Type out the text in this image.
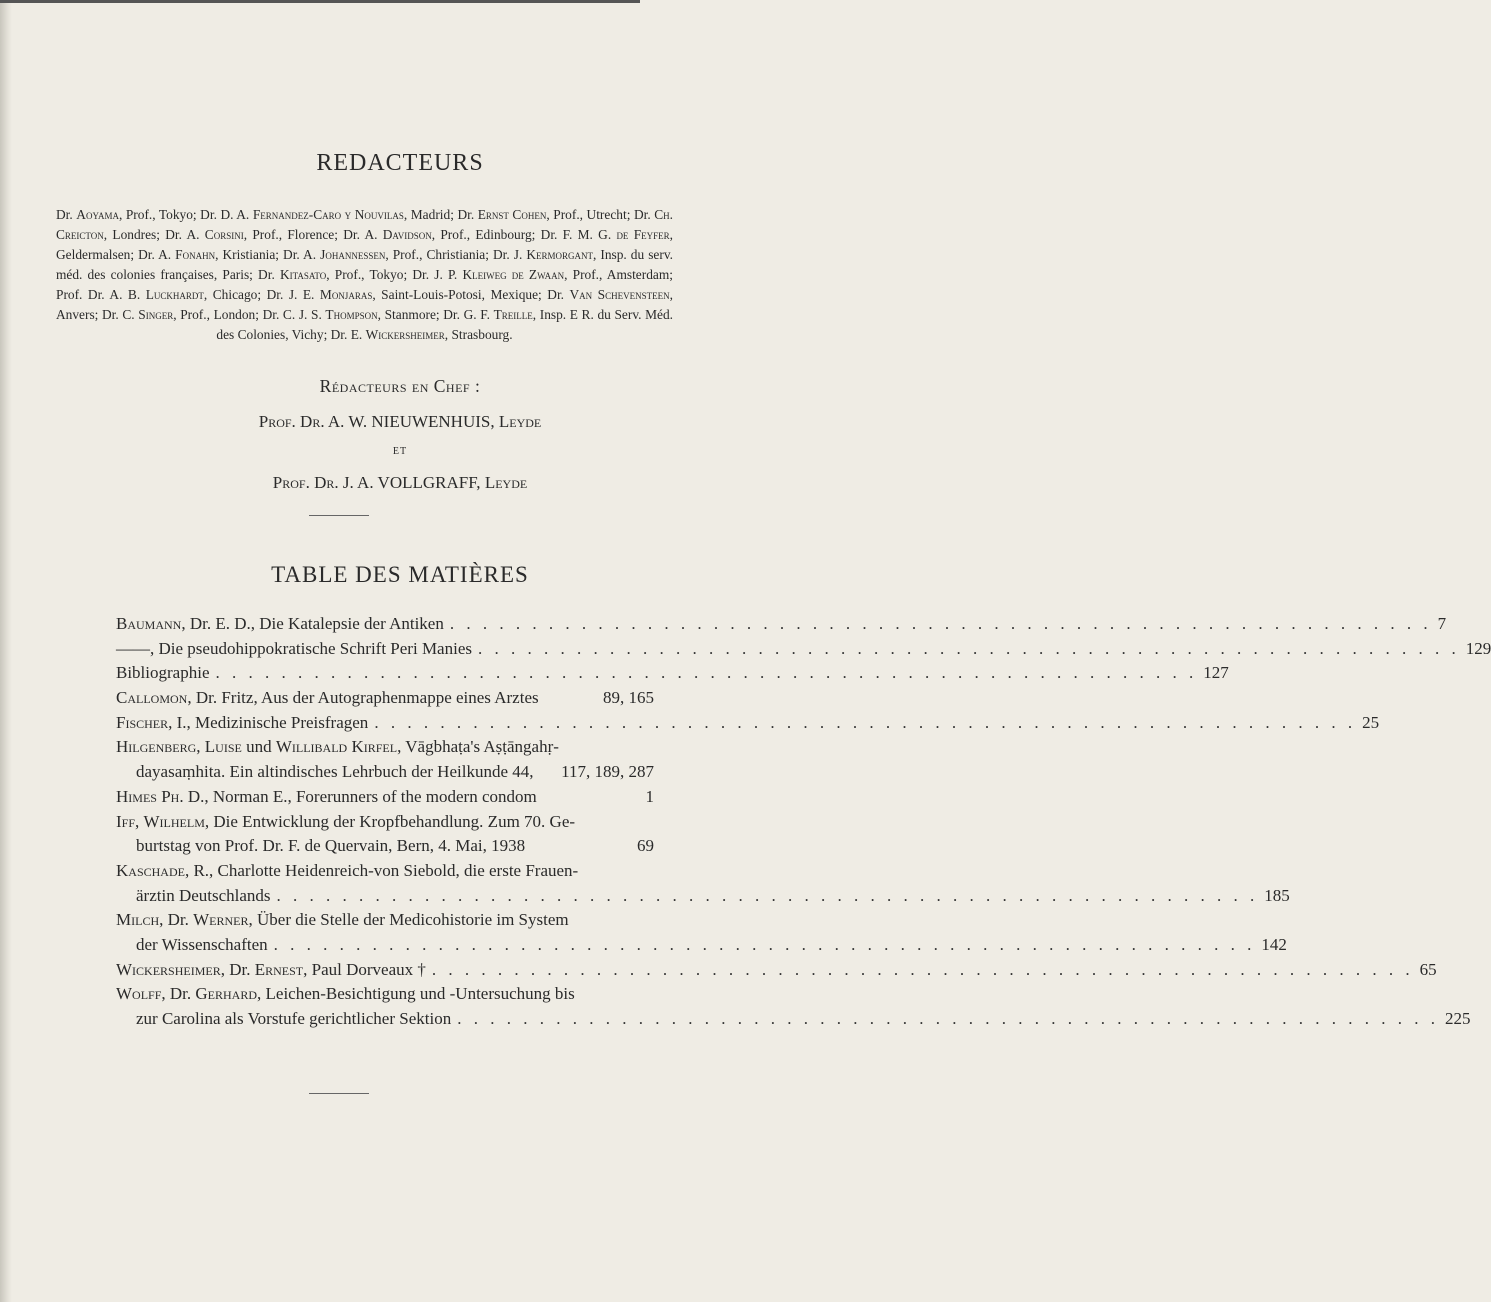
REDACTEURS
Dr. Aoyama, Prof., Tokyo; Dr. D. A. Fernandez-Caro y Nouvilas, Madrid; Dr. Ernst Cohen, Prof., Utrecht; Dr. Ch. Creicton, Londres; Dr. A. Corsini, Prof., Florence; Dr. A. Davidson, Prof., Edinbourg; Dr. F. M. G. de Feyfer, Geldermalsen; Dr. A. Fonahn, Kristiania; Dr. A. Johannessen, Prof., Christiania; Dr. J. Kermorgant, Insp. du serv. méd. des colonies françaises, Paris; Dr. Kitasato, Prof., Tokyo; Dr. J. P. Kleiweg de Zwaan, Prof., Amsterdam; Prof. Dr. A. B. Luckhardt, Chicago; Dr. J. E. Monjaras, Saint-Louis-Potosi, Mexique; Dr. Van Schevensteen, Anvers; Dr. C. Singer, Prof., London; Dr. C. J. S. Thompson, Stanmore; Dr. G. F. Treille, Insp. E R. du Serv. Méd. des Colonies, Vichy; Dr. E. Wickersheimer, Strasbourg.
Rédacteurs en Chef :
Prof. Dr. A. W. NIEUWENHUIS, Leyde
ET
Prof. Dr. J. A. VOLLGRAFF, Leyde
TABLE DES MATIÈRES
Baumann, Dr. E. D., Die Katalepsie der Antiken . . . . . . . . . . . . . . . . . . . . . . . . . . . . . . . . . . . . . . . . . . . . . . . . . . . . . . . . . . . . 7
——, Die pseudohippokratische Schrift Peri Manies . . . . . . . . . . . . . . . . . . . . . . . . . . . . . . . . . . . . . . . . . . . . . . . . . . . . . . . . . . . . 129
Bibliographie . . . . . . . . . . . . . . . . . . . . . . . . . . . . . . . . . . . . . . . . . . . . . . . . . . . . . . . . . . . . 127
Callomon, Dr. Fritz, Aus der Autographenmappe eines Arztes	89, 165
Fischer, I., Medizinische Preisfragen . . . . . . . . . . . . . . . . . . . . . . . . . . . . . . . . . . . . . . . . . . . . . . . . . . . . . . . . . . . . 25
Hilgenberg, Luise und Willibald Kirfel, Vāgbhaṭa's Aṣṭāngahṛ-
dayasaṃhita. Ein altindisches Lehrbuch der Heilkunde 44,	117, 189, 287
Himes Ph. D., Norman E., Forerunners of the modern condom	1
Iff, Wilhelm, Die Entwicklung der Kropfbehandlung. Zum 70. Ge-
burtstag von Prof. Dr. F. de Quervain, Bern, 4. Mai, 1938	69
Kaschade, R., Charlotte Heidenreich-von Siebold, die erste Frauen-
ärztin Deutschlands . . . . . . . . . . . . . . . . . . . . . . . . . . . . . . . . . . . . . . . . . . . . . . . . . . . . . . . . . . . . 185
Milch, Dr. Werner, Über die Stelle der Medicohistorie im System
der Wissenschaften . . . . . . . . . . . . . . . . . . . . . . . . . . . . . . . . . . . . . . . . . . . . . . . . . . . . . . . . . . . . 142
Wickersheimer, Dr. Ernest, Paul Dorveaux † . . . . . . . . . . . . . . . . . . . . . . . . . . . . . . . . . . . . . . . . . . . . . . . . . . . . . . . . . . . . 65
Wolff, Dr. Gerhard, Leichen-Besichtigung und -Untersuchung bis
zur Carolina als Vorstufe gerichtlicher Sektion . . . . . . . . . . . . . . . . . . . . . . . . . . . . . . . . . . . . . . . . . . . . . . . . . . . . . . . . . . . . 225
